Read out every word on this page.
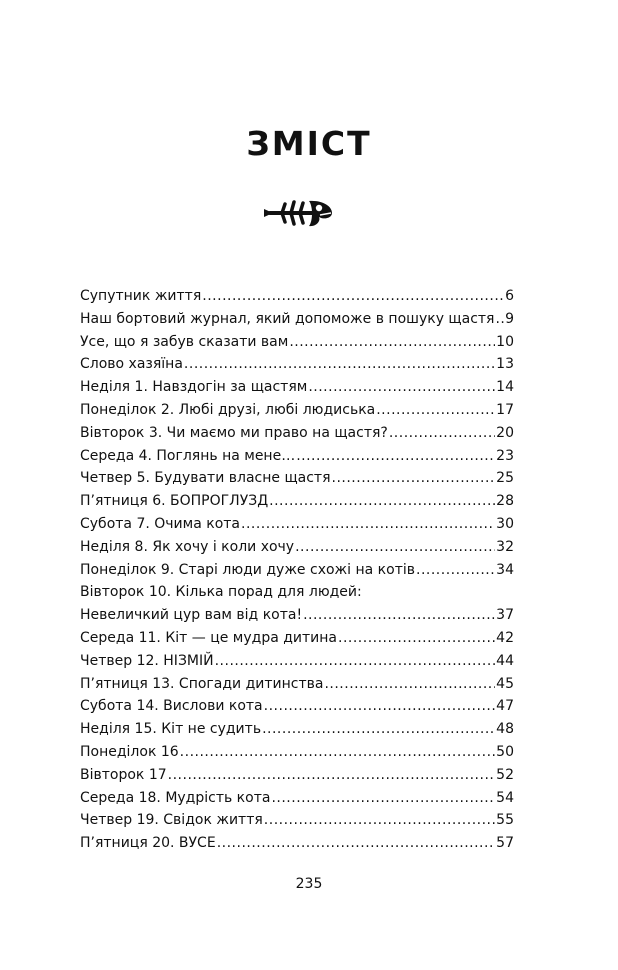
ЗМІСТ
Супутник життя .....	6
Наш бортовий журнал, який допоможе в пошуку щастя ..... 9
Усе, що я забув сказати вам .....	10
Слово хазяїна .....	13
Неділя 1. Навздогін за щастям .....	14
Понеділок 2. Любі друзі, любі людиська .....	17
Вівторок 3. Чи маємо ми право на щастя? .....	20
Середа 4. Поглянь на мене… .....	23
Четвер 5. Будувати власне щастя .....	25
П’ятниця 6. БОПРОГЛУЗД .....	28
Субота 7. Очима кота .....	30
Неділя 8. Як хочу і коли хочу .....	32
Понеділок 9. Старі люди дуже схожі на котів .....	34
Вівторок 10. Кілька порад для людей:
Невеличкий цур вам від кота! .....	37
Середа 11. Кіт — це мудра дитина .....	42
Четвер 12. НІЗМІЙ .....	44
П’ятниця 13. Спогади дитинства .....	45
Субота 14. Вислови кота .....	47
Неділя 15. Кіт не судить .....	48
Понеділок 16 .....	50
Вівторок 17 .....	52
Середа 18. Мудрість кота .....	54
Четвер 19. Свідок життя .....	55
П’ятниця 20. ВУСЕ .....	57
235
